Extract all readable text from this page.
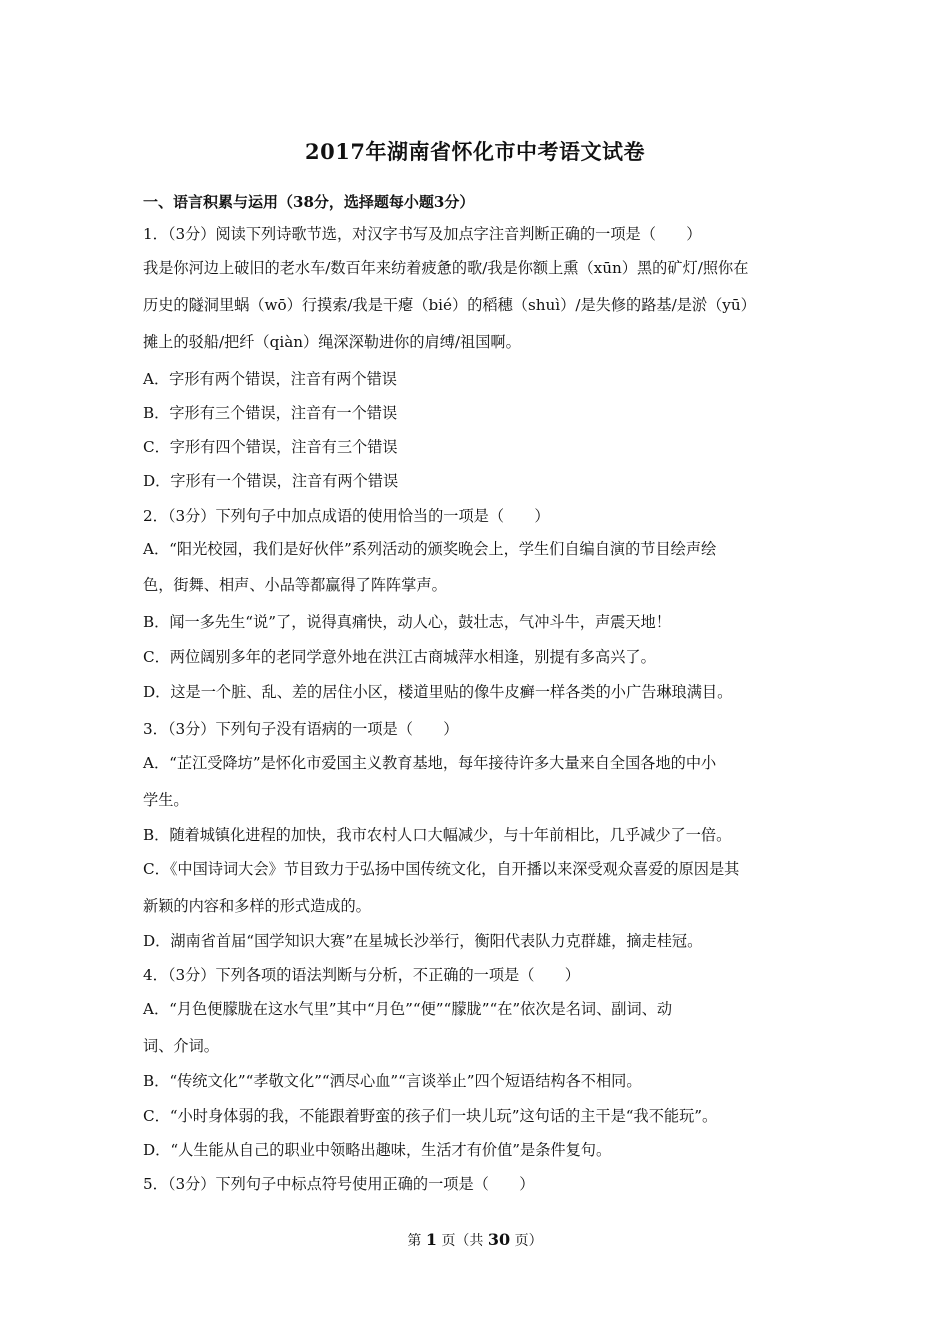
2017年湖南省怀化市中考语文试卷
一、语言积累与运用（38分，选择题每小题3分）
1．（3分）阅读下列诗歌节选，对汉字书写及加点字注音判断正确的一项是（　　）
我是你河边上破旧的老水车/数百年来纺着疲惫的歌/我是你额上熏（xūn）黑的矿灯/照你在
历史的隧洞里蜗（wō）行摸索/我是干瘪（bié）的稻穗（shuì）/是失修的路基/是淤（yū）
摊上的驳船/把纤（qiàn）绳深深勒进你的肩缚/祖国啊。
A．字形有两个错误，注音有两个错误
B．字形有三个错误，注音有一个错误
C．字形有四个错误，注音有三个错误
D．字形有一个错误，注音有两个错误
2．（3分）下列句子中加点成语的使用恰当的一项是（　　）
A．“阳光校园，我们是好伙伴”系列活动的颁奖晚会上，学生们自编自演的节目绘声绘
色，街舞、相声、小品等都赢得了阵阵掌声。
B．闻一多先生“说”了，说得真痛快，动人心，鼓壮志，气冲斗牛，声震天地！
C．两位阔别多年的老同学意外地在洪江古商城萍水相逢，别提有多高兴了。
D．这是一个脏、乱、差的居住小区，楼道里贴的像牛皮癣一样各类的小广告琳琅满目。
3．（3分）下列句子没有语病的一项是（　　）
A．“芷江受降坊”是怀化市爱国主义教育基地，每年接待许多大量来自全国各地的中小
学生。
B．随着城镇化进程的加快，我市农村人口大幅减少，与十年前相比，几乎减少了一倍。
C．《中国诗词大会》节目致力于弘扬中国传统文化，自开播以来深受观众喜爱的原因是其
新颖的内容和多样的形式造成的。
D．湖南省首届“国学知识大赛”在星城长沙举行，衡阳代表队力克群雄，摘走桂冠。
4．（3分）下列各项的语法判断与分析，不正确的一项是（　　）
A．“月色便朦胧在这水气里”其中“月色”“便”“朦胧”“在”依次是名词、副词、动
词、介词。
B．“传统文化”“孝敬文化”“洒尽心血”“言谈举止”四个短语结构各不相同。
C．“小时身体弱的我，不能跟着野蛮的孩子们一块儿玩”这句话的主干是“我不能玩”。
D．“人生能从自己的职业中领略出趣味，生活才有价值”是条件复句。
5．（3分）下列句子中标点符号使用正确的一项是（　　）
第 1 页（共 30 页）
